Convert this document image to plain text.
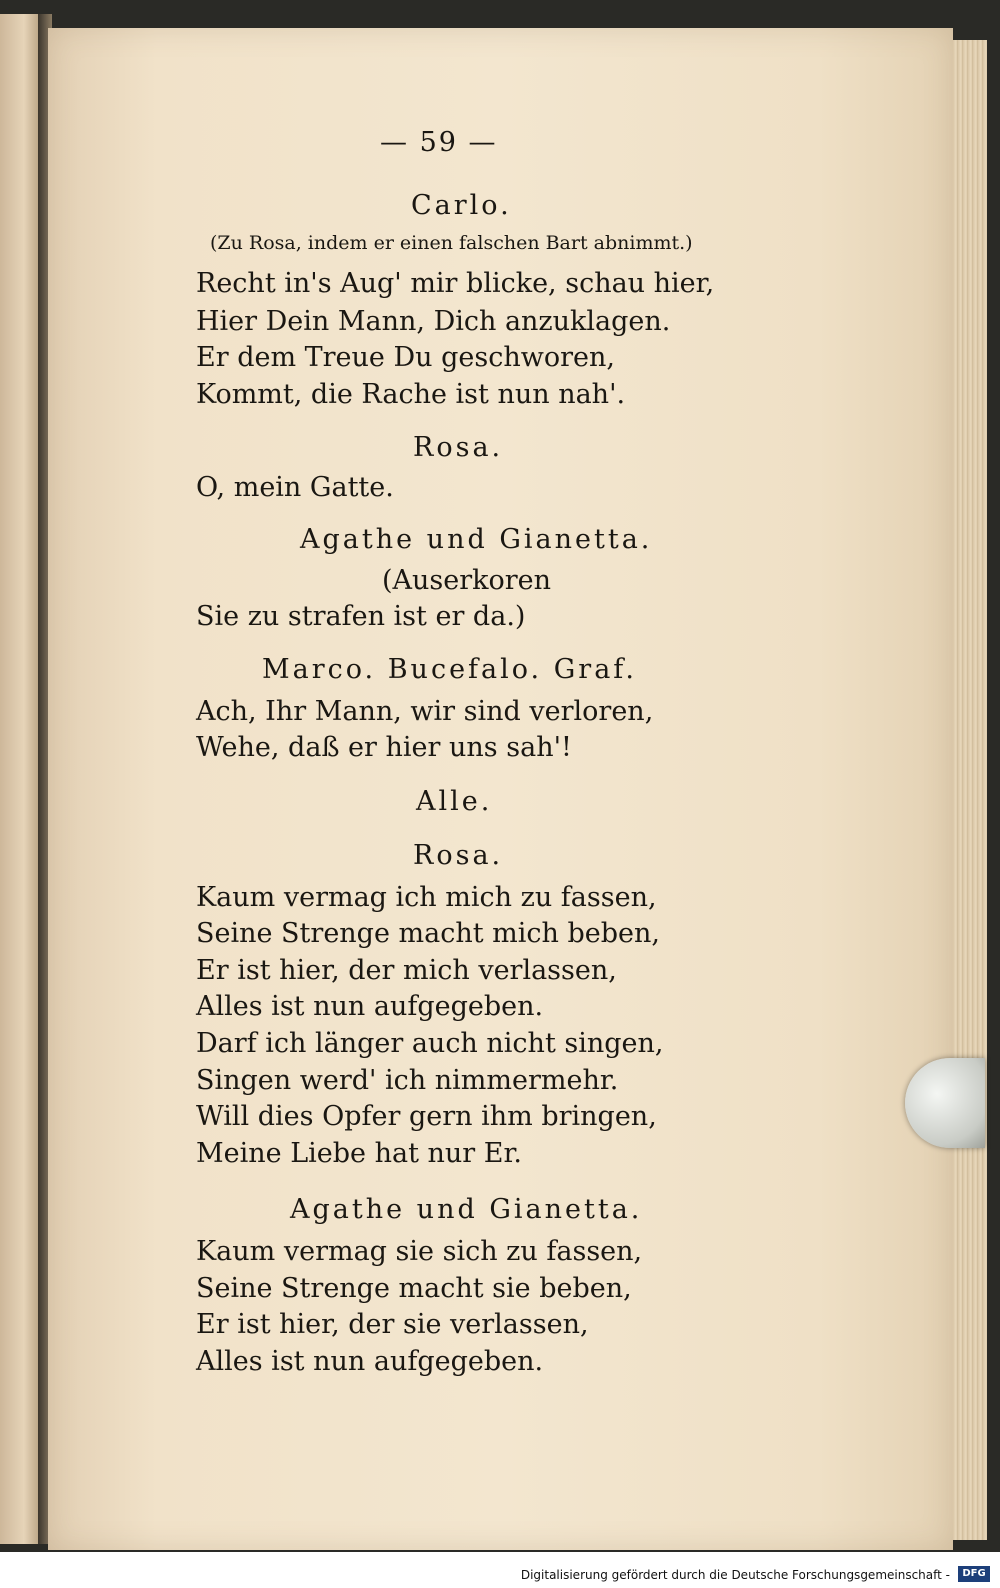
— 59 —
Carlo.
(Zu Rosa, indem er einen falschen Bart abnimmt.)
Recht in's Aug' mir blicke, schau hier,
Hier Dein Mann, Dich anzuklagen.
Er dem Treue Du geschworen,
Kommt, die Rache ist nun nah'.
Rosa.
O, mein Gatte.
Agathe und Gianetta.
(Auserkoren
Sie zu strafen ist er da.)
Marco. Bucefalo. Graf.
Ach, Ihr Mann, wir sind verloren,
Wehe, daß er hier uns sah'!
Alle.
Rosa.
Kaum vermag ich mich zu fassen,
Seine Strenge macht mich beben,
Er ist hier, der mich verlassen,
Alles ist nun aufgegeben.
Darf ich länger auch nicht singen,
Singen werd' ich nimmermehr.
Will dies Opfer gern ihm bringen,
Meine Liebe hat nur Er.
Agathe und Gianetta.
Kaum vermag sie sich zu fassen,
Seine Strenge macht sie beben,
Er ist hier, der sie verlassen,
Alles ist nun aufgegeben.
Digitalisierung gefördert durch die Deutsche Forschungsgemeinschaft -	DFG
